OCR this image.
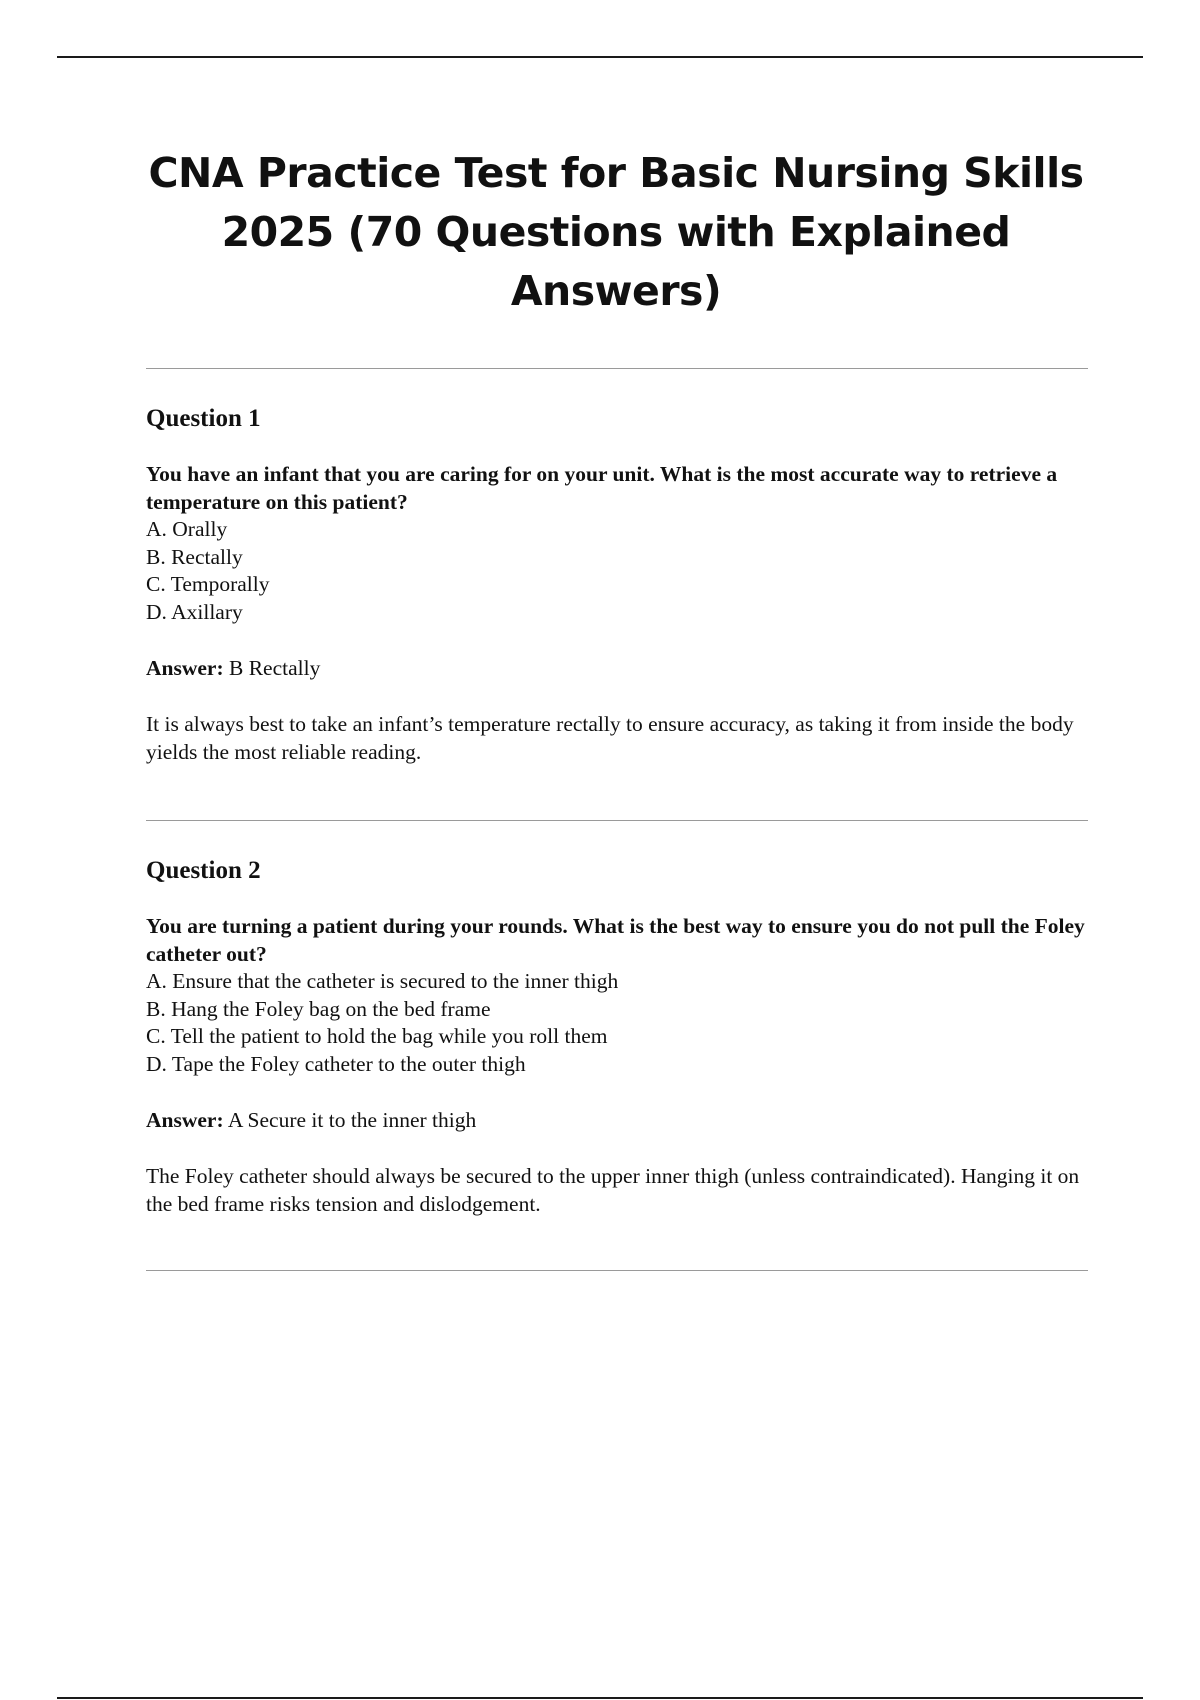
CNA Practice Test for Basic Nursing Skills 2025 (70 Questions with Explained Answers)
Question 1

You have an infant that you are caring for on your unit. What is the most accurate way to retrieve a temperature on this patient?

A. Orally
B. Rectally
C. Temporally
D. Axillary

Answer: B Rectally

It is always best to take an infant’s temperature rectally to ensure accuracy, as taking it from inside the body yields the most reliable reading.

Question 2

You are turning a patient during your rounds. What is the best way to ensure you do not pull the Foley catheter out?

A. Ensure that the catheter is secured to the inner thigh
B. Hang the Foley bag on the bed frame
C. Tell the patient to hold the bag while you roll them
D. Tape the Foley catheter to the outer thigh

Answer: A Secure it to the inner thigh

The Foley catheter should always be secured to the upper inner thigh (unless contraindicated). Hanging it on the bed frame risks tension and dislodgement.
